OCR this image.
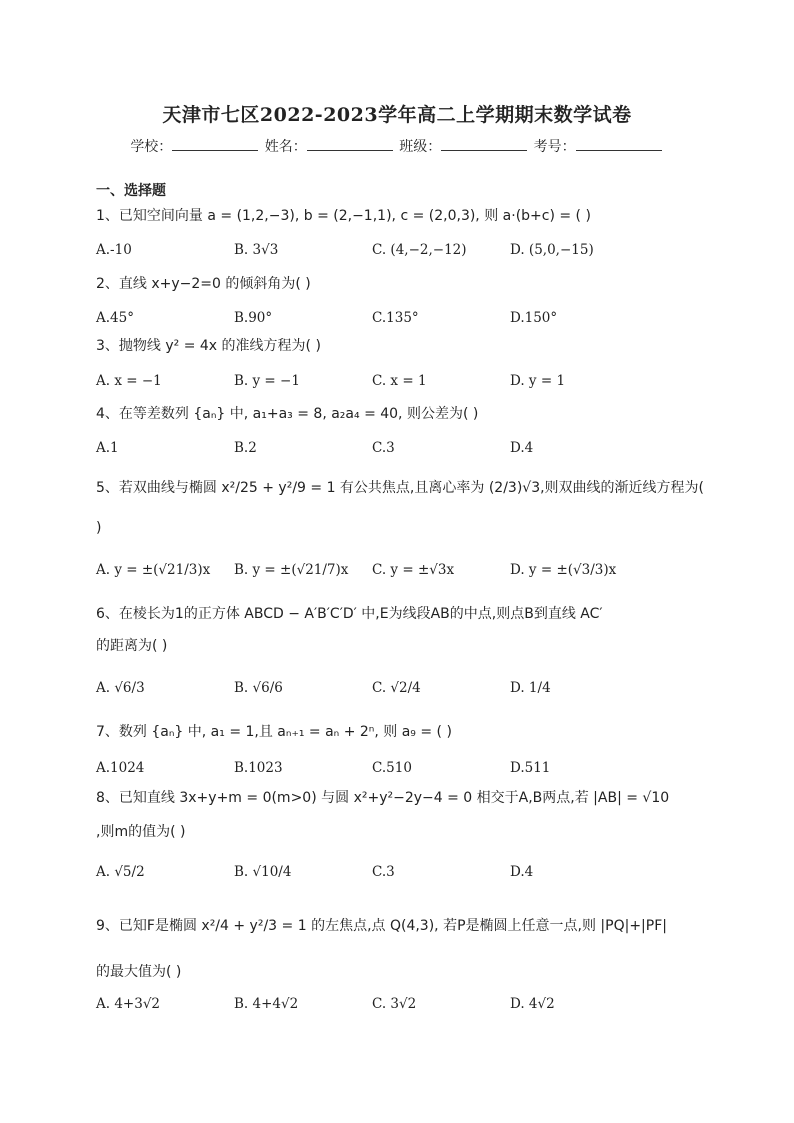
天津市七区2022-2023学年高二上学期期末数学试卷
学校：	姓名：	班级：	考号：
一、选择题
1、已知空间向量 a = (1,2,−3), b = (2,−1,1), c = (2,0,3), 则 a·(b+c) = ( )
A.-10	B. 3√3	C. (4,−2,−12)	D. (5,0,−15)
2、直线 x+y−2=0 的倾斜角为( )
A.45°	B.90°	C.135°	D.150°
3、抛物线 y² = 4x 的准线方程为( )
A. x = −1	B. y = −1	C. x = 1	D. y = 1
4、在等差数列 {aₙ} 中, a₁+a₃ = 8, a₂a₄ = 40, 则公差为( )
A.1	B.2	C.3	D.4
5、若双曲线与椭圆 x²/25 + y²/9 = 1 有公共焦点,且离心率为 (2/3)√3,则双曲线的渐近线方程为(
)
A. y = ±(√21/3)x B. y = ±(√21/7)x C. y = ±√3x	D. y = ±(√3/3)x
6、在棱长为1的正方体 ABCD − A′B′C′D′ 中,E为线段AB的中点,则点B到直线 AC′
的距离为( )
A. √6/3	B. √6/6	C. √2/4	D. 1/4
7、数列 {aₙ} 中, a₁ = 1,且 aₙ₊₁ = aₙ + 2ⁿ, 则 a₉ = ( )
A.1024	B.1023	C.510	D.511
8、已知直线 3x+y+m = 0(m>0) 与圆 x²+y²−2y−4 = 0 相交于A,B两点,若 |AB| = √10
,则m的值为( )
A. √5/2	B. √10/4	C.3	D.4
9、已知F是椭圆 x²/4 + y²/3 = 1 的左焦点,点 Q(4,3), 若P是椭圆上任意一点,则 |PQ|+|PF|
的最大值为( )
A. 4+3√2	B. 4+4√2	C. 3√2	D. 4√2
